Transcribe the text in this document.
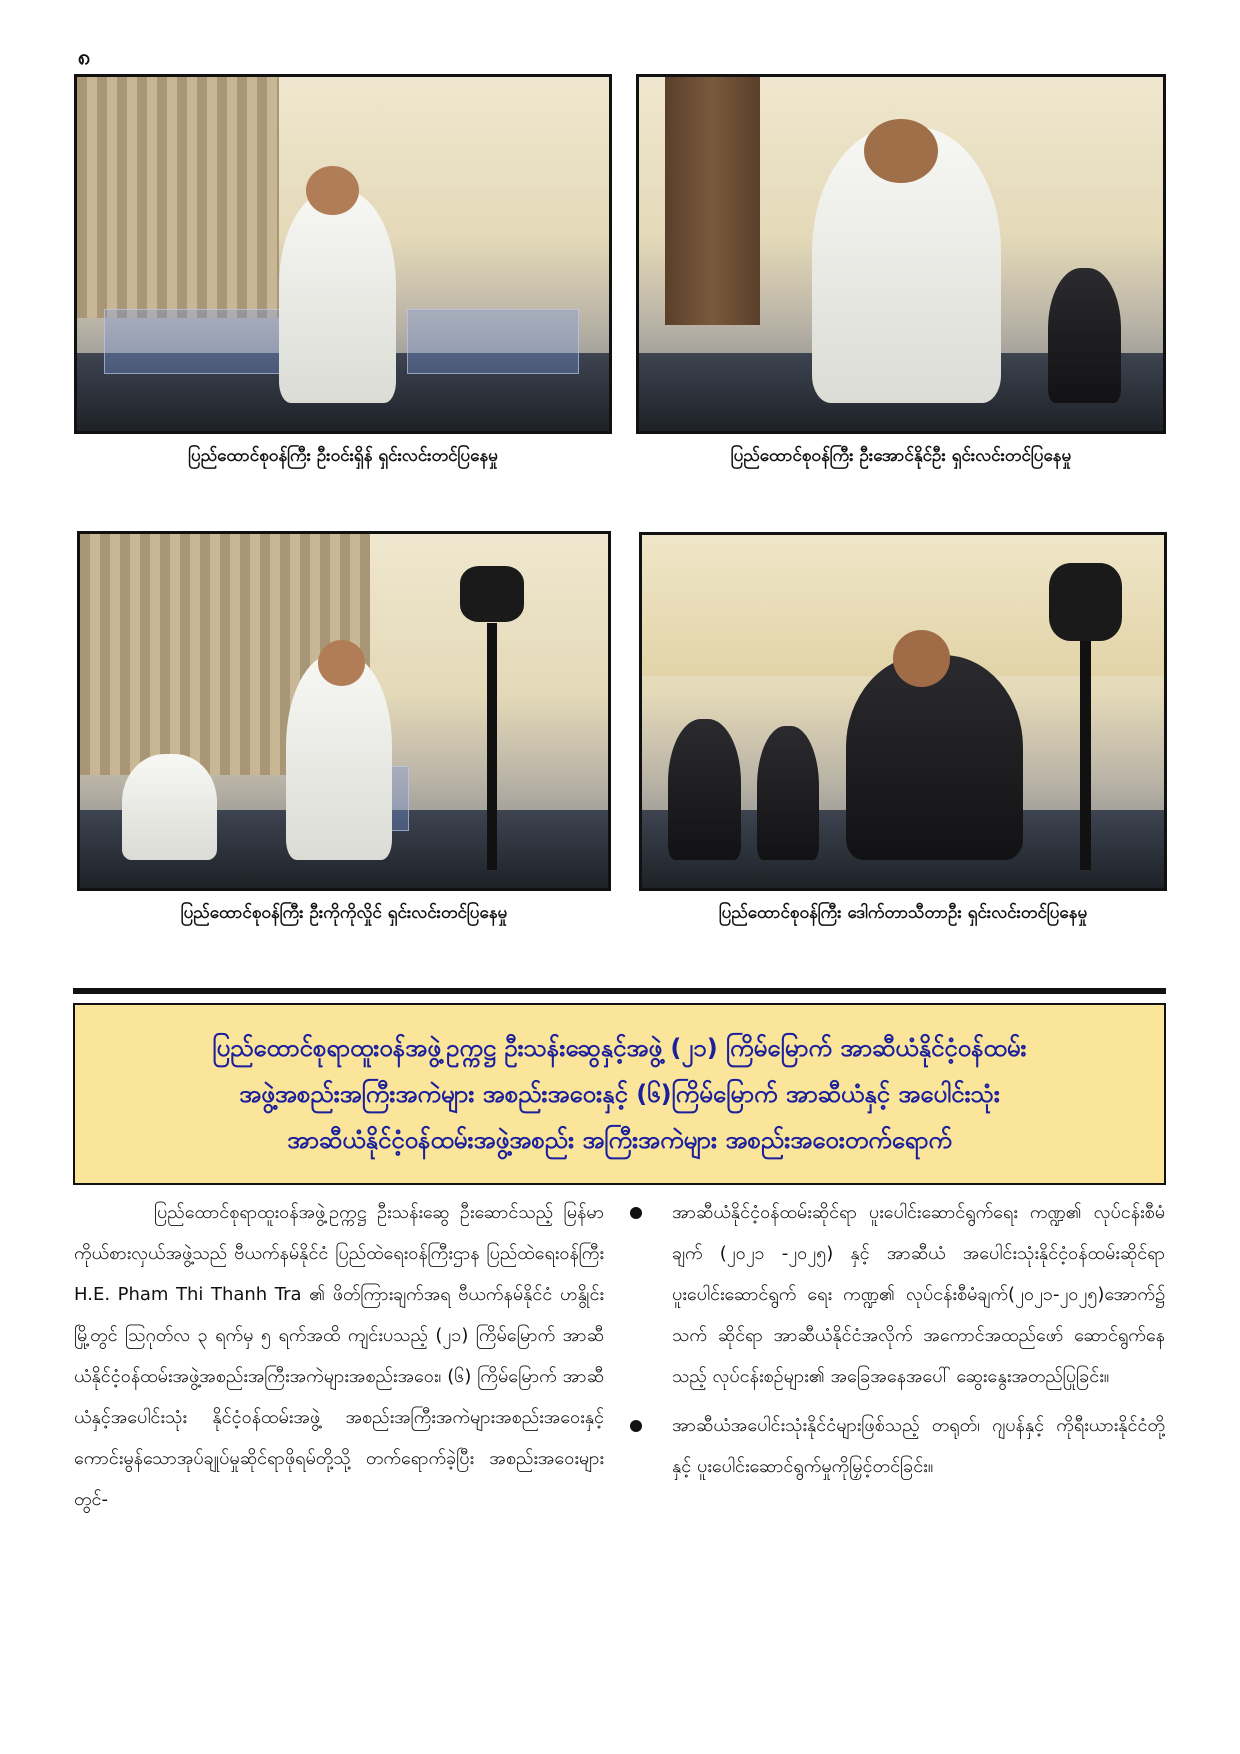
၈
ပြည်ထောင်စုဝန်ကြီး ဦးဝင်းရှိန် ရှင်းလင်းတင်ပြနေမှု	ပြည်ထောင်စုဝန်ကြီး ဦးအောင်နိုင်ဦး ရှင်းလင်းတင်ပြနေမှု
ပြည်ထောင်စုဝန်ကြီး ဦးကိုကိုလှိုင် ရှင်းလင်းတင်ပြနေမှု	ပြည်ထောင်စုဝန်ကြီး ဒေါက်တာသီတာဦး ရှင်းလင်းတင်ပြနေမှု
ပြည်ထောင်စုရာထူးဝန်အဖွဲ့ဥက္ကဋ္ဌ ဦးသန်းဆွေနှင့်အဖွဲ့ (၂၁) ကြိမ်မြောက် အာဆီယံနိုင်ငံ့ဝန်ထမ်း
အဖွဲ့အစည်းအကြီးအကဲများ အစည်းအဝေးနှင့် (၆)ကြိမ်မြောက် အာဆီယံနှင့် အပေါင်းသုံး
အာဆီယံနိုင်ငံ့ဝန်ထမ်းအဖွဲ့အစည်း အကြီးအကဲများ အစည်းအဝေးတက်ရောက်
ပြည်ထောင်စုရာထူးဝန်အဖွဲ့ဥက္ကဋ္ဌ ဦးသန်းဆွေ ဦးဆောင်သည့် မြန်မာကိုယ်စားလှယ်အဖွဲ့သည် ဗီယက်နမ်နိုင်ငံ ပြည်ထဲရေးဝန်ကြီးဌာန ပြည်ထဲရေးဝန်ကြီး H.E. Pham Thi Thanh Tra ၏ ဖိတ်ကြားချက်အရ ဗီယက်နမ်နိုင်ငံ ဟနွိုင်းမြို့တွင် ဩဂုတ်လ ၃ ရက်မှ ၅ ရက်အထိ ကျင်းပသည့် (၂၁) ကြိမ်မြောက် အာဆီယံနိုင်ငံ့ဝန်ထမ်းအဖွဲ့အစည်းအကြီးအကဲများအစည်းအဝေး၊ (၆) ကြိမ်မြောက် အာဆီယံနှင့်အပေါင်းသုံး နိုင်ငံ့ဝန်ထမ်းအဖွဲ့ အစည်းအကြီးအကဲများအစည်းအဝေးနှင့် ကောင်းမွန်သောအုပ်ချုပ်မှုဆိုင်ရာဖိုရမ်တို့သို့ တက်ရောက်ခဲ့ပြီး အစည်းအဝေးများတွင်-
အာဆီယံနိုင်ငံ့ဝန်ထမ်းဆိုင်ရာ ပူးပေါင်းဆောင်ရွက်ရေး ကဏ္ဍ၏ လုပ်ငန်းစီမံချက် (၂၀၂၁ -၂၀၂၅) နှင့် အာဆီယံ အပေါင်းသုံးနိုင်ငံ့ဝန်ထမ်းဆိုင်ရာ ပူးပေါင်းဆောင်ရွက် ရေး ကဏ္ဍ၏ လုပ်ငန်းစီမံချက်(၂၀၂၁-၂၀၂၅)အောက်၌ သက် ဆိုင်ရာ အာဆီယံနိုင်ငံအလိုက် အကောင်အထည်ဖော် ဆောင်ရွက်နေသည့် လုပ်ငန်းစဉ်များ၏ အခြေအနေအပေါ် ဆွေးနွေးအတည်ပြုခြင်း။
အာဆီယံအပေါင်းသုံးနိုင်ငံများဖြစ်သည့် တရုတ်၊ ဂျပန်နှင့် ကိုရီးယားနိုင်ငံတို့နှင့် ပူးပေါင်းဆောင်ရွက်မှုကိုမြှင့်တင်ခြင်း။
